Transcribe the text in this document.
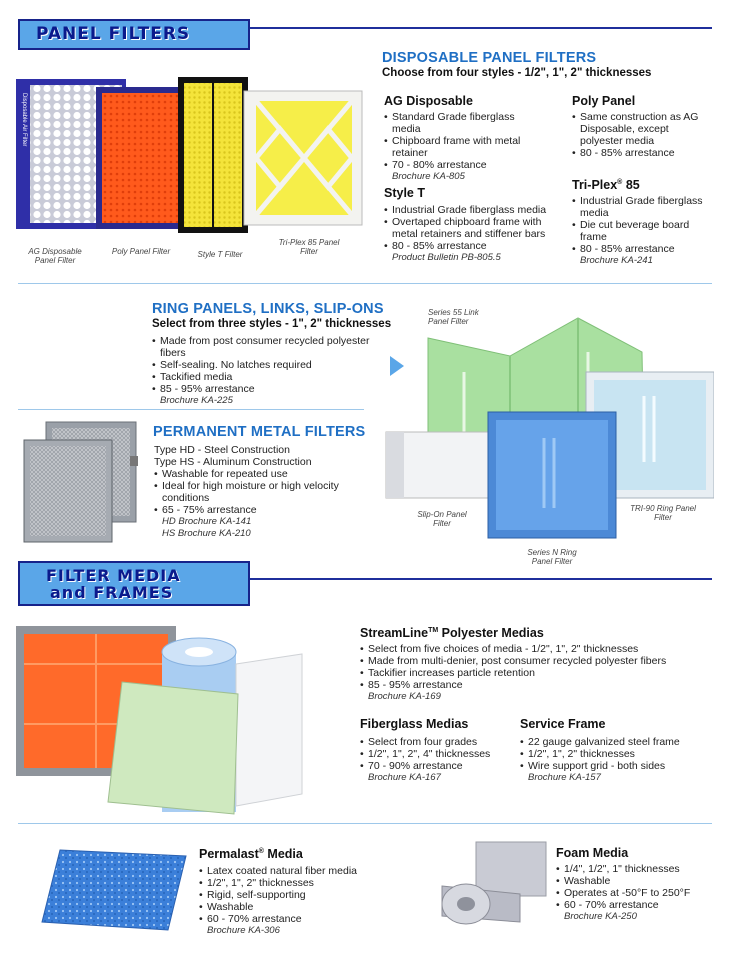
PANEL FILTERS
Disposable Air Filter
AG Disposable Panel Filter
Poly Panel Filter	Style T Filter
Tri-Plex 85 Panel Filter
DISPOSABLE PANEL FILTERS
Choose from four styles - 1/2", 1", 2" thicknesses
AG Disposable
• Standard Grade fiberglass media
• Chipboard frame with metal retainer
• 70 - 80% arrestance
Brochure KA-805
Style T
• Industrial Grade fiberglass media
• Overtaped chipboard frame with metal retainers and stiffener bars
• 80 - 85% arrestance
Product Bulletin PB-805.5
Poly Panel
• Same construction as AG Disposable, except polyester media
• 80 - 85% arrestance
Tri-Plex® 85
• Industrial Grade fiberglass media
• Die cut beverage board frame
• 80 - 85% arrestance
Brochure KA-241
RING PANELS, LINKS, SLIP-ONS
Select from three styles - 1", 2" thicknesses
• Made from post consumer recycled polyester fibers
• Self-sealing. No latches required
• Tackified media
• 85 - 95% arrestance
Brochure KA-225
Series 55 Link Panel Filter
Slip-On Panel Filter
TRI-90 Ring Panel Filter
Series N Ring Panel Filter
PERMANENT METAL FILTERS
Type HD - Steel Construction
Type HS - Aluminum Construction
• Washable for repeated use
• Ideal for high moisture or high velocity conditions
• 65 - 75% arrestance
HD Brochure KA-141
HS Brochure KA-210
FILTER MEDIA
and FRAMES
StreamLine™ Polyester Medias
• Select from five choices of media - 1/2", 1", 2" thicknesses
• Made from multi-denier, post consumer recycled polyester fibers
• Tackifier increases particle retention
• 85 - 95% arrestance
Brochure KA-169
Fiberglass Medias
• Select from four grades
• 1/2", 1", 2", 4" thicknesses
• 70 - 90% arrestance
Brochure KA-167
Service Frame
• 22 gauge galvanized steel frame
• 1/2", 1", 2" thicknesses
• Wire support grid - both sides
Brochure KA-157
Permalast® Media
• Latex coated natural fiber media
• 1/2", 1", 2" thicknesses
• Rigid, self-supporting
• Washable
• 60 - 70% arrestance
Brochure KA-306
Foam Media
• 1/4", 1/2", 1" thicknesses
• Washable
• Operates at -50°F to 250°F
• 60 - 70% arrestance
Brochure KA-250
